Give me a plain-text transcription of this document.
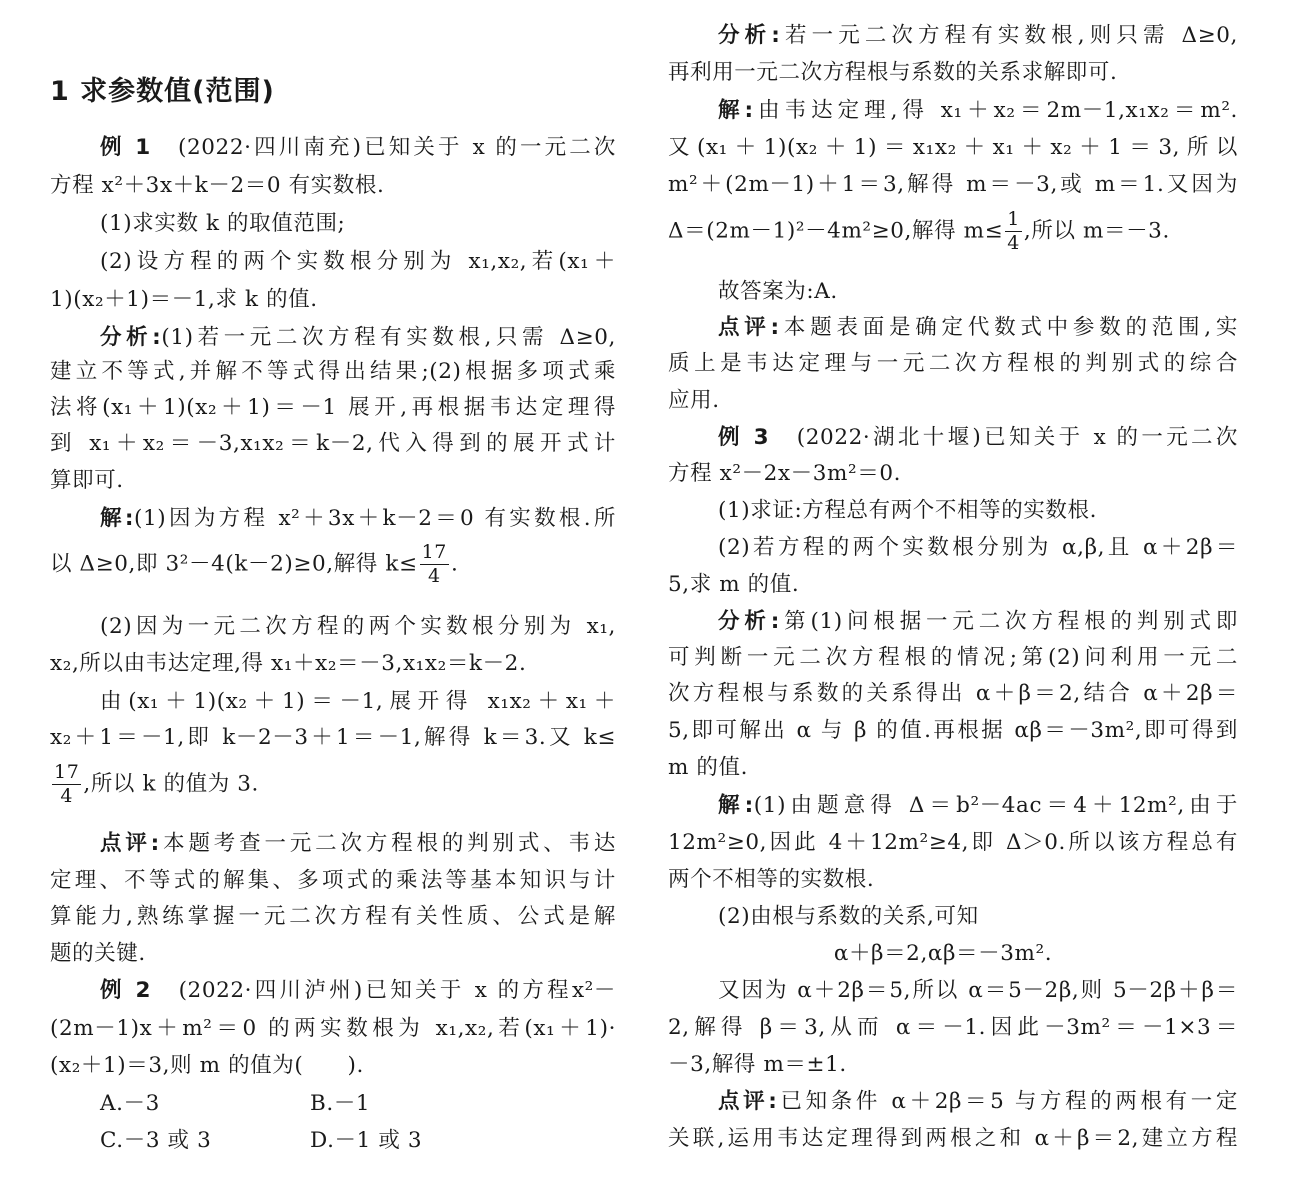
1 求参数值(范围)
例 1　(2022·四川南充)已知关于 x 的一元二次
方程 x²＋3x＋k－2＝0 有实数根.
(1)求实数 k 的取值范围;
(2)设方程的两个实数根分别为 x₁,x₂,若(x₁＋
1)(x₂＋1)＝－1,求 k 的值.
分析:(1)若一元二次方程有实数根,只需 Δ≥0,
建立不等式,并解不等式得出结果;(2)根据多项式乘
法将(x₁＋1)(x₂＋1)＝－1 展开,再根据韦达定理得
到 x₁＋x₂＝－3,x₁x₂＝k－2,代入得到的展开式计
算即可.
解:(1)因为方程 x²＋3x＋k－2＝0 有实数根.所
以 Δ≥0,即 3²－4(k－2)≥0,解得 $k\le \frac{17}{4}$ .
(2)因为一元二次方程的两个实数根分别为 x₁,
x₂,所以由韦达定理,得 x₁＋x₂＝－3,x₁x₂＝k－2.
由(x₁＋1)(x₂＋1)＝－1,展开得 x₁x₂＋x₁＋
x₂＋1＝－1,即 k－2－3＋1＝－1,解得 k＝3.又 k≤
$\frac{17}{4}$ ,所以 k 的值为 3.
点评:本题考查一元二次方程根的判别式、韦达
定理、不等式的解集、多项式的乘法等基本知识与计
算能力,熟练掌握一元二次方程有关性质、公式是解
题的关键.
例 2　(2022·四川泸州)已知关于 x 的方程x²－
(2m－1)x＋m²＝0 的两实数根为 x₁,x₂,若(x₁＋1)·
(x₂＋1)＝3,则 m 的值为(　　).
A.－3	B.－1
C.－3 或 3	D.－1 或 3
分析:若一元二次方程有实数根,则只需 Δ≥0,
再利用一元二次方程根与系数的关系求解即可.
解:由韦达定理,得 x₁＋x₂＝2m－1,x₁x₂＝m².
又(x₁＋1)(x₂＋1)＝x₁x₂＋x₁＋x₂＋1＝3,所以
m²＋(2m－1)＋1＝3,解得 m＝－3,或 m＝1.又因为
Δ＝(2m－1)²－4m²≥0,解得 $m\le \frac{1}{4}$ ,所以 m＝－3.
故答案为:A.
点评:本题表面是确定代数式中参数的范围,实
质上是韦达定理与一元二次方程根的判别式的综合
应用.
例 3　(2022·湖北十堰)已知关于 x 的一元二次
方程 x²－2x－3m²＝0.
(1)求证:方程总有两个不相等的实数根.
(2)若方程的两个实数根分别为 α,β,且 α＋2β＝
5,求 m 的值.
分析:第(1)问根据一元二次方程根的判别式即
可判断一元二次方程根的情况;第(2)问利用一元二
次方程根与系数的关系得出 α＋β＝2,结合 α＋2β＝
5,即可解出 α 与 β 的值.再根据 αβ＝－3m²,即可得到
m 的值.
解:(1)由题意得 Δ＝b²－4ac＝4＋12m²,由于
12m²≥0,因此 4＋12m²≥4,即 Δ＞0.所以该方程总有
两个不相等的实数根.
(2)由根与系数的关系,可知
α＋β＝2,αβ＝－3m².
又因为 α＋2β＝5,所以 α＝5－2β,则 5－2β＋β＝
2,解得 β＝3,从而 α＝－1.因此－3m²＝－1×3＝
－3,解得 m＝±1.
点评:已知条件 α＋2β＝5 与方程的两根有一定
关联,运用韦达定理得到两根之和 α＋β＝2,建立方程
